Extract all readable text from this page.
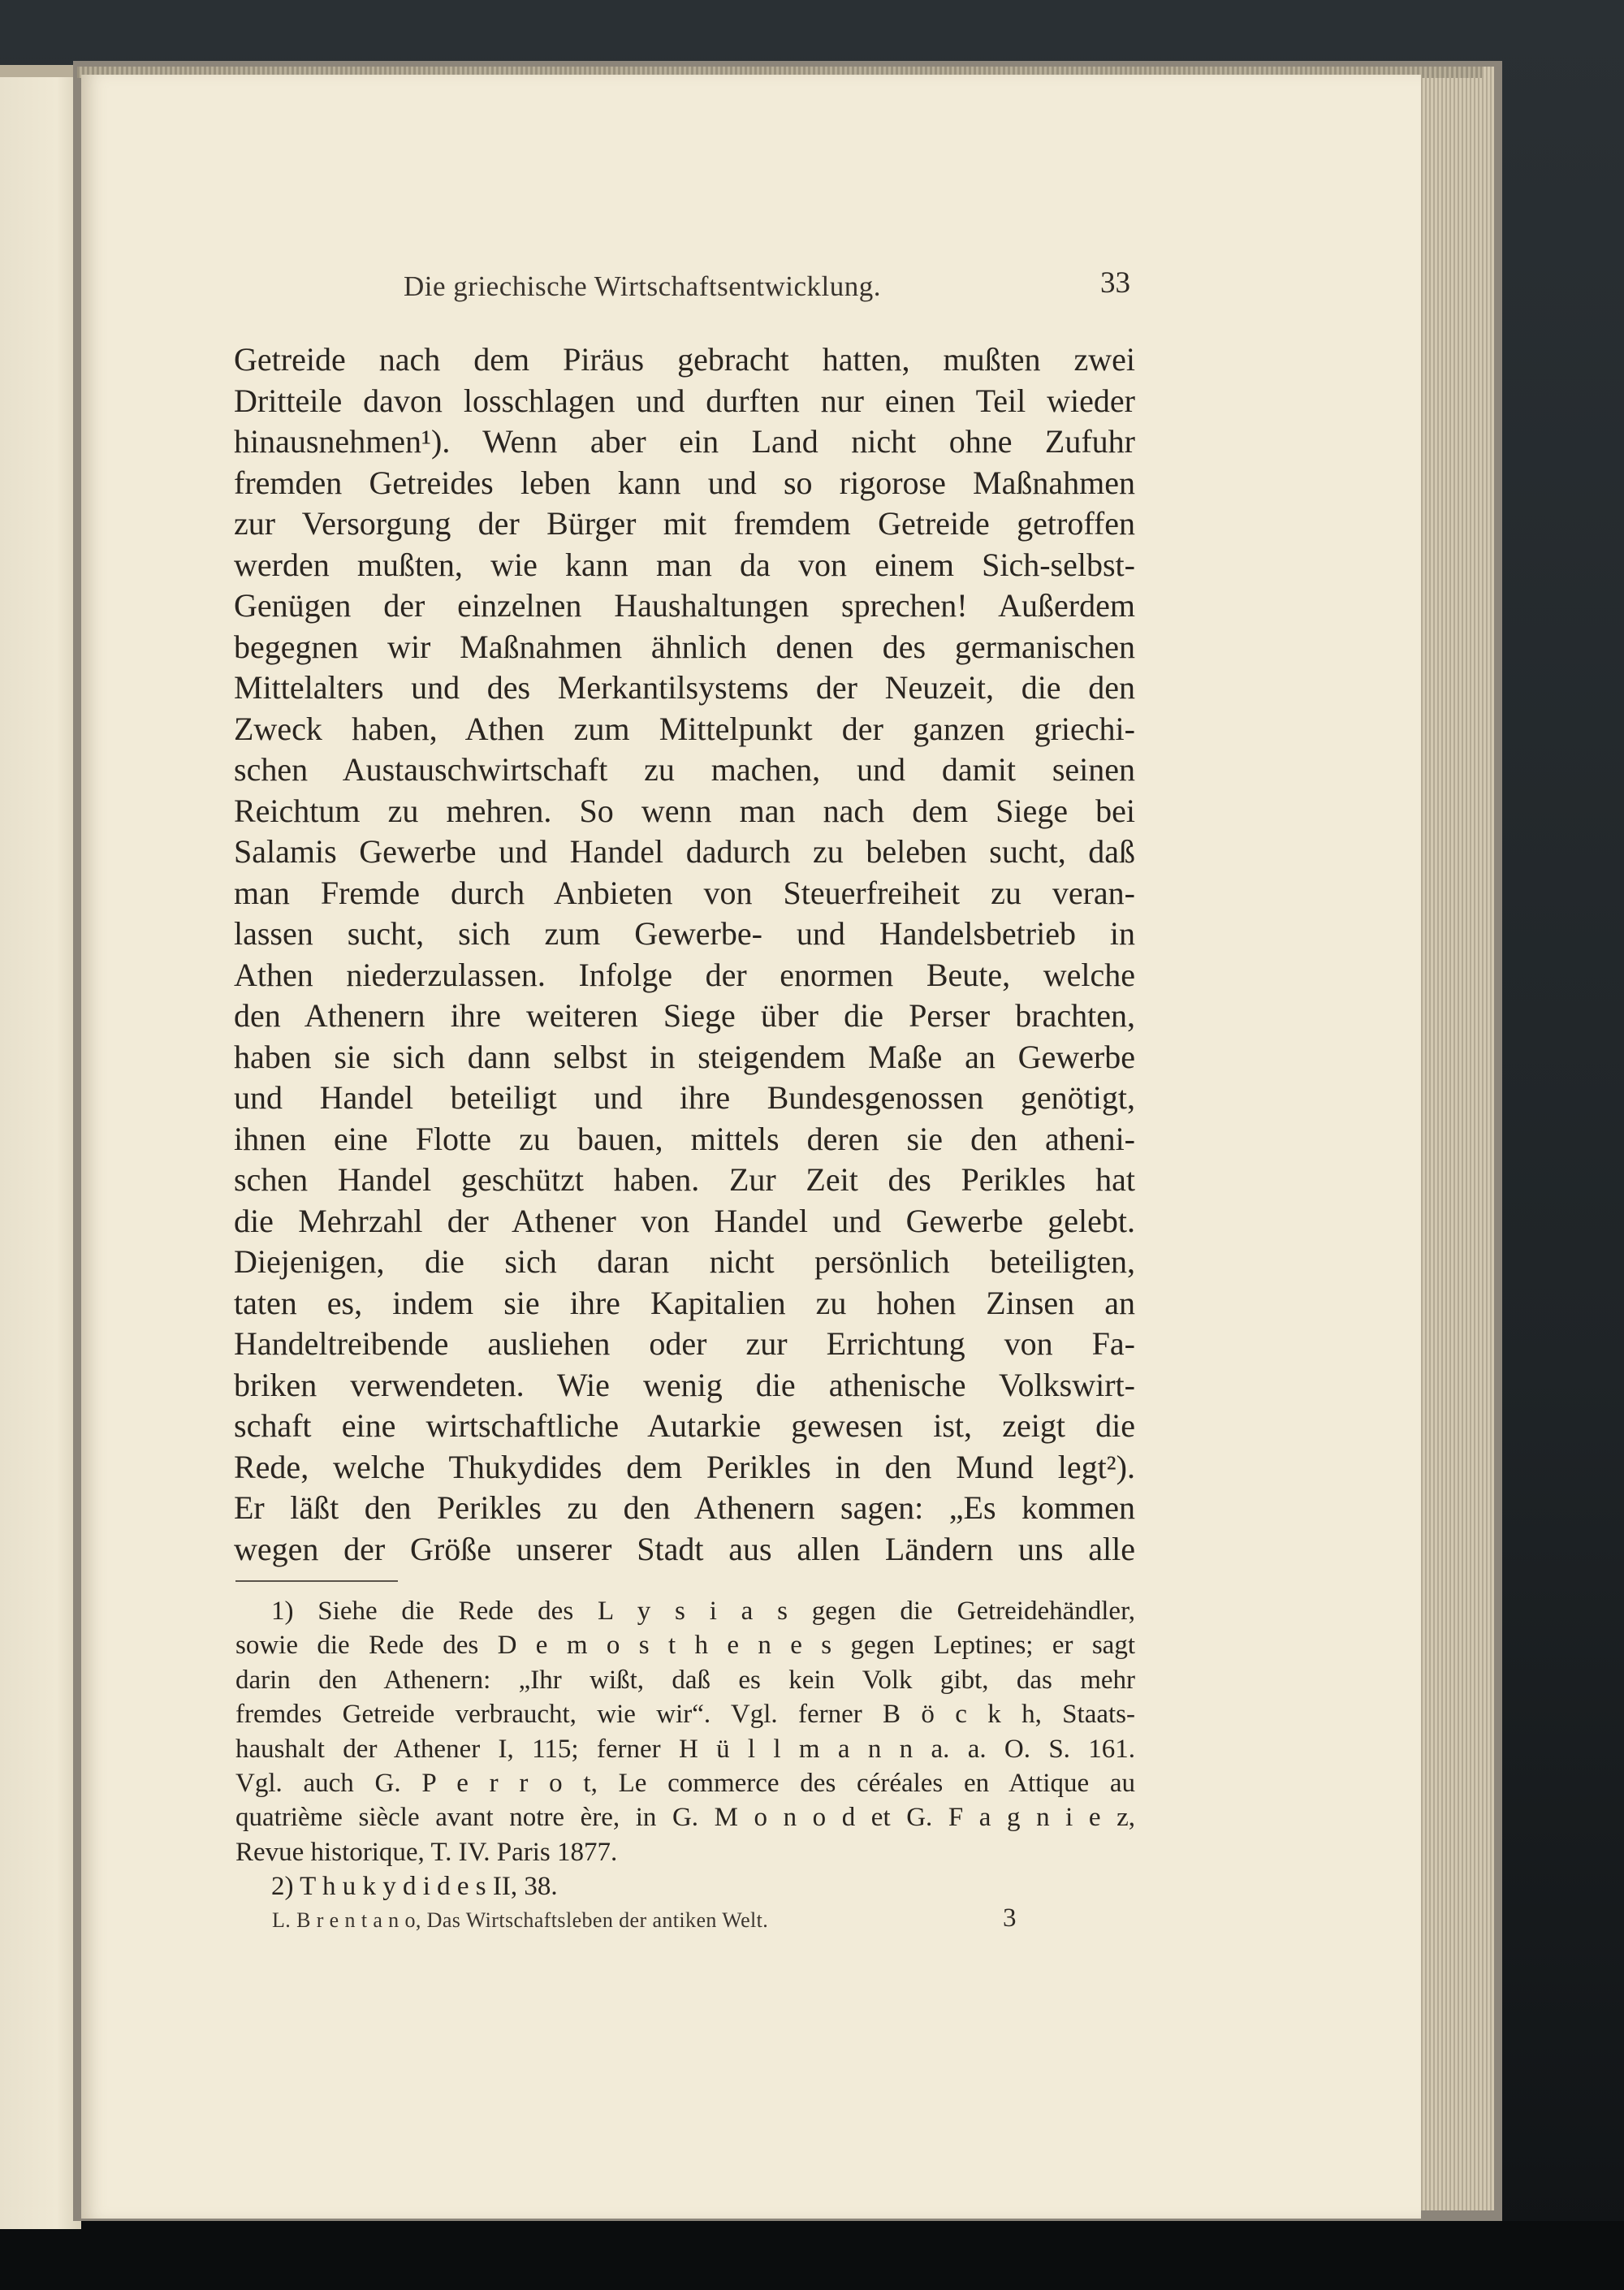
Die griechische Wirtschaftsentwicklung.	33
Getreide nach dem Piräus gebracht hatten, mußten zwei
Dritteile davon losschlagen und durften nur einen Teil wieder
hinausnehmen¹). Wenn aber ein Land nicht ohne Zufuhr
fremden Getreides leben kann und so rigorose Maßnahmen
zur Versorgung der Bürger mit fremdem Getreide getroffen
werden mußten, wie kann man da von einem Sich-selbst-
Genügen der einzelnen Haushaltungen sprechen! Außerdem
begegnen wir Maßnahmen ähnlich denen des germanischen
Mittelalters und des Merkantilsystems der Neuzeit, die den
Zweck haben, Athen zum Mittelpunkt der ganzen griechi-
schen Austauschwirtschaft zu machen, und damit seinen
Reichtum zu mehren. So wenn man nach dem Siege bei
Salamis Gewerbe und Handel dadurch zu beleben sucht, daß
man Fremde durch Anbieten von Steuerfreiheit zu veran-
lassen sucht, sich zum Gewerbe- und Handelsbetrieb in
Athen niederzulassen. Infolge der enormen Beute, welche
den Athenern ihre weiteren Siege über die Perser brachten,
haben sie sich dann selbst in steigendem Maße an Gewerbe
und Handel beteiligt und ihre Bundesgenossen genötigt,
ihnen eine Flotte zu bauen, mittels deren sie den atheni-
schen Handel geschützt haben. Zur Zeit des Perikles hat
die Mehrzahl der Athener von Handel und Gewerbe gelebt.
Diejenigen, die sich daran nicht persönlich beteiligten,
taten es, indem sie ihre Kapitalien zu hohen Zinsen an
Handeltreibende ausliehen oder zur Errichtung von Fa-
briken verwendeten. Wie wenig die athenische Volkswirt-
schaft eine wirtschaftliche Autarkie gewesen ist, zeigt die
Rede, welche Thukydides dem Perikles in den Mund legt²).
Er läßt den Perikles zu den Athenern sagen: „Es kommen
wegen der Größe unserer Stadt aus allen Ländern uns alle
1) Siehe die Rede des L y s i a s gegen die Getreidehändler,
sowie die Rede des D e m o s t h e n e s gegen Leptines; er sagt
darin den Athenern: „Ihr wißt, daß es kein Volk gibt, das mehr
fremdes Getreide verbraucht, wie wir“. Vgl. ferner B ö c k h, Staats-
haushalt der Athener I, 115; ferner H ü l l m a n n a. a. O. S. 161.
Vgl. auch G. P e r r o t, Le commerce des céréales en Attique au
quatrième siècle avant notre ère, in G. M o n o d et G. F a g n i e z,
Revue historique, T. IV. Paris 1877.
2) T h u k y d i d e s II, 38.
L. B r e n t a n o, Das Wirtschaftsleben der antiken Welt.	3
